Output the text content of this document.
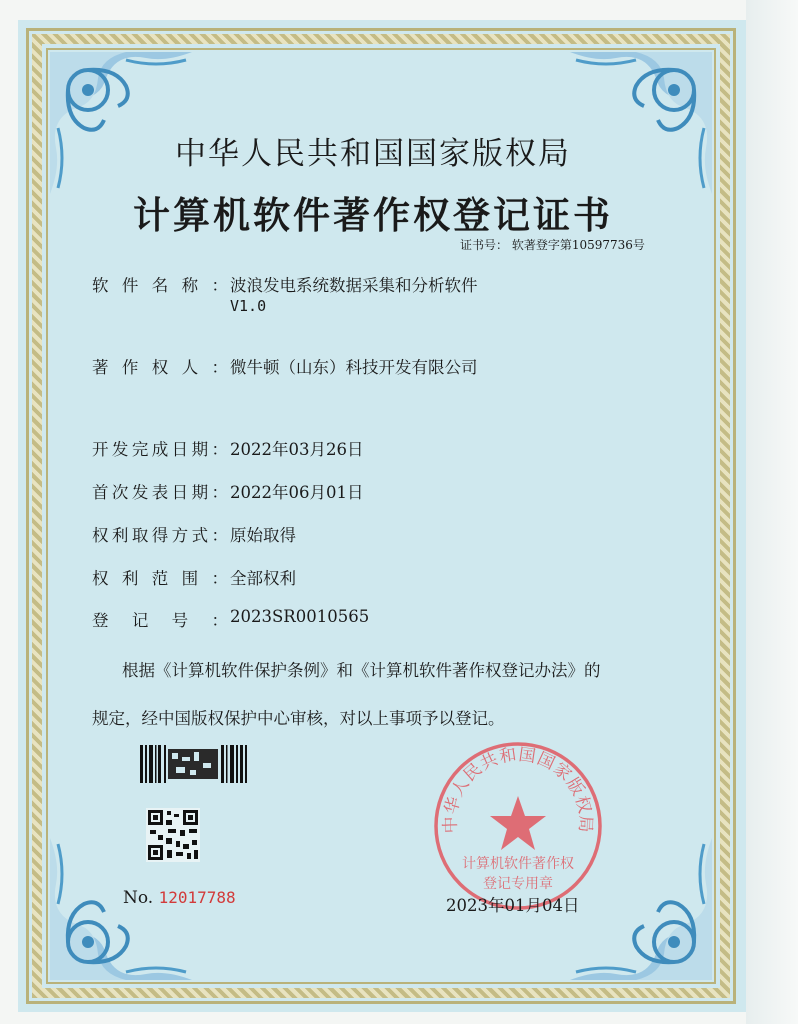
中华人民共和国国家版权局
计算机软件著作权登记证书
证书号： 软著登字第10597736号
软件名称： 波浪发电系统数据采集和分析软件
V1.0
著作权人： 微牛顿（山东）科技开发有限公司
开发完成日期： 2022年03月26日
首次发表日期： 2022年06月01日
权利取得方式： 原始取得
权利范围： 全部权利
登记号： 2023SR0010565
根据《计算机软件保护条例》和《计算机软件著作权登记办法》的
规定，经中国版权保护中心审核，对以上事项予以登记。
No. 12017788
中华人民共和国国家版权局
计算机软件著作权
登记专用章
2023年01月04日
